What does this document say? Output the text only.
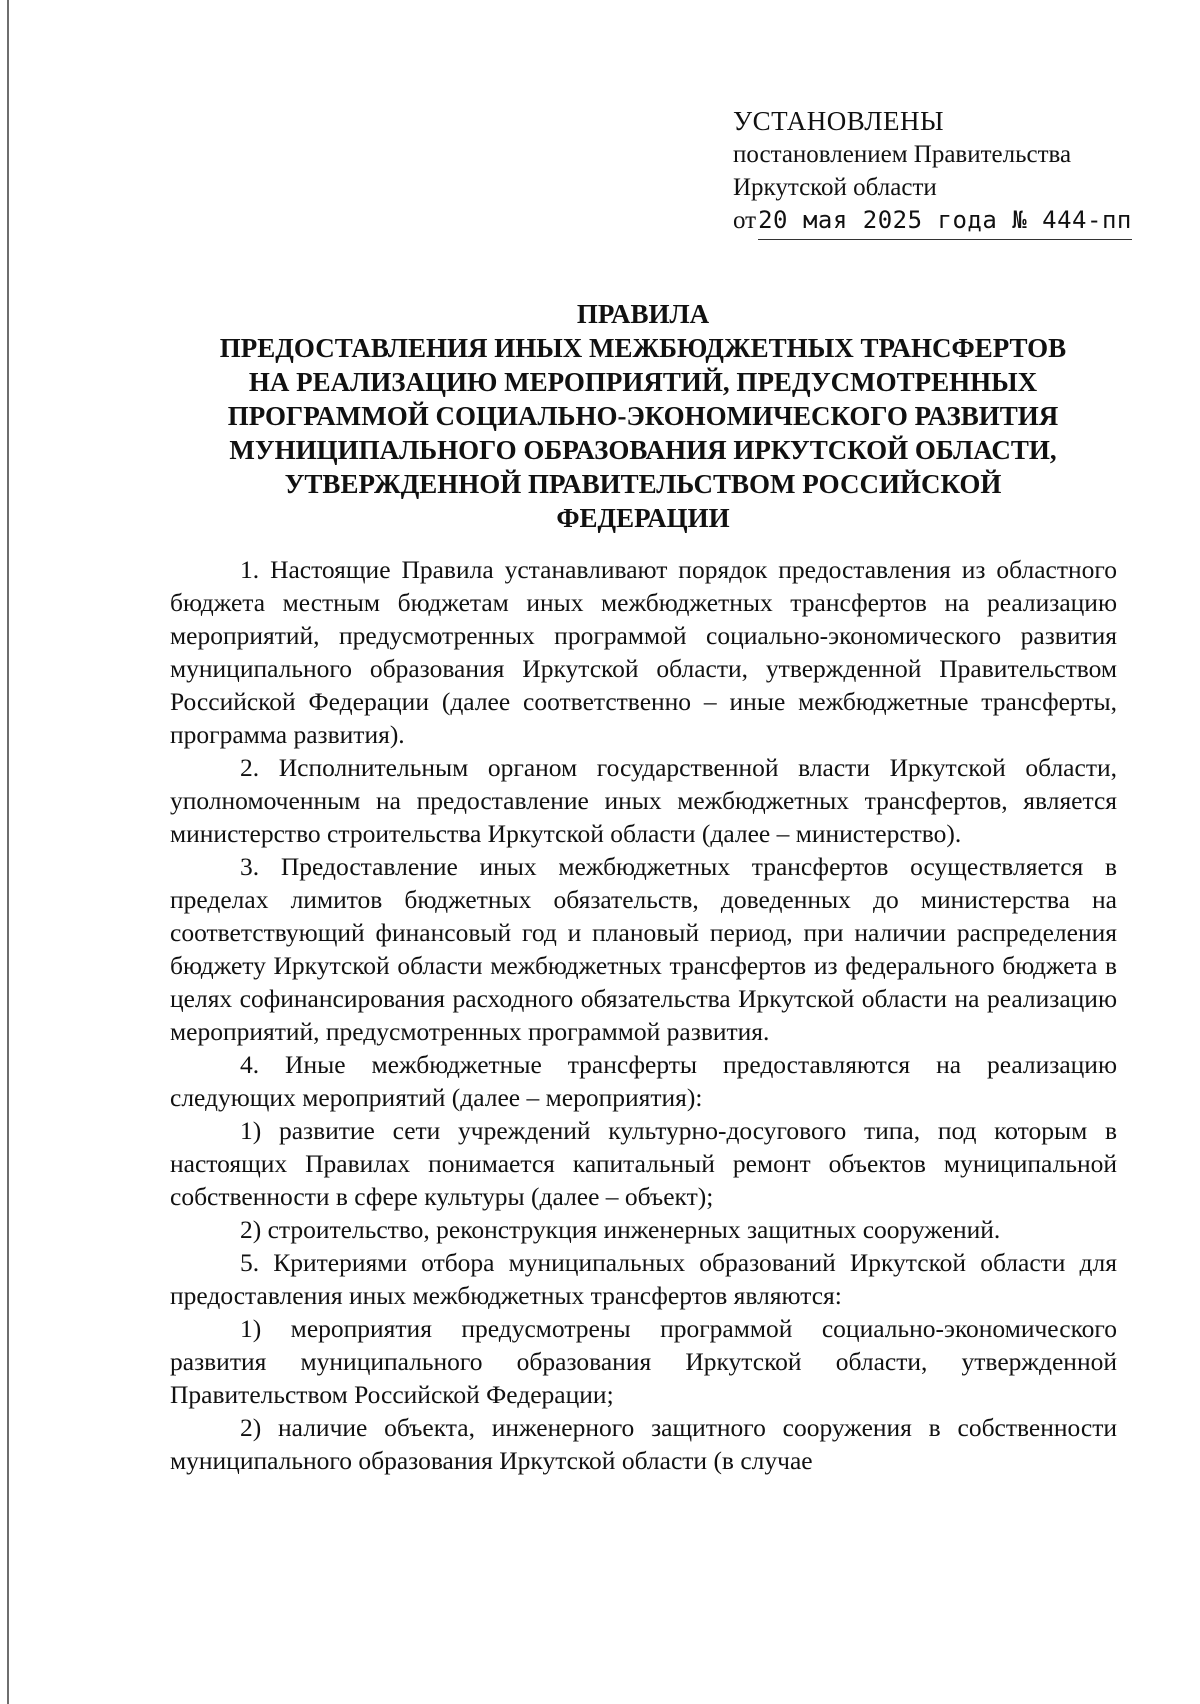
УСТАНОВЛЕНЫ
постановлением Правительства
Иркутской области
от20 мая 2025 года № 444-пп
ПРАВИЛА
ПРЕДОСТАВЛЕНИЯ ИНЫХ МЕЖБЮДЖЕТНЫХ ТРАНСФЕРТОВ
НА РЕАЛИЗАЦИЮ МЕРОПРИЯТИЙ, ПРЕДУСМОТРЕННЫХ
ПРОГРАММОЙ СОЦИАЛЬНО-ЭКОНОМИЧЕСКОГО РАЗВИТИЯ
МУНИЦИПАЛЬНОГО ОБРАЗОВАНИЯ ИРКУТСКОЙ ОБЛАСТИ,
УТВЕРЖДЕННОЙ ПРАВИТЕЛЬСТВОМ РОССИЙСКОЙ
ФЕДЕРАЦИИ

1. Настоящие Правила устанавливают порядок предоставления из областного бюджета местным бюджетам иных межбюджетных трансфертов на реализацию мероприятий, предусмотренных программой социально-экономического развития муниципального образования Иркутской области, утвержденной Правительством Российской Федерации (далее соответственно – иные межбюджетные трансферты, программа развития).

2. Исполнительным органом государственной власти Иркутской области, уполномоченным на предоставление иных межбюджетных трансфертов, является министерство строительства Иркутской области (далее – министерство).

3. Предоставление иных межбюджетных трансфертов осуществляется в пределах лимитов бюджетных обязательств, доведенных до министерства на соответствующий финансовый год и плановый период, при наличии распределения бюджету Иркутской области межбюджетных трансфертов из федерального бюджета в целях софинансирования расходного обязательства Иркутской области на реализацию мероприятий, предусмотренных программой развития.

4. Иные межбюджетные трансферты предоставляются на реализацию следующих мероприятий (далее – мероприятия):

1) развитие сети учреждений культурно-досугового типа, под которым в настоящих Правилах понимается капитальный ремонт объектов муниципальной собственности в сфере культуры (далее – объект);

2) строительство, реконструкция инженерных защитных сооружений.

5. Критериями отбора муниципальных образований Иркутской области для предоставления иных межбюджетных трансфертов являются:

1) мероприятия предусмотрены программой социально-экономического развития муниципального образования Иркутской области, утвержденной Правительством Российской Федерации;

2) наличие объекта, инженерного защитного сооружения в собственности муниципального образования Иркутской области (в случае
